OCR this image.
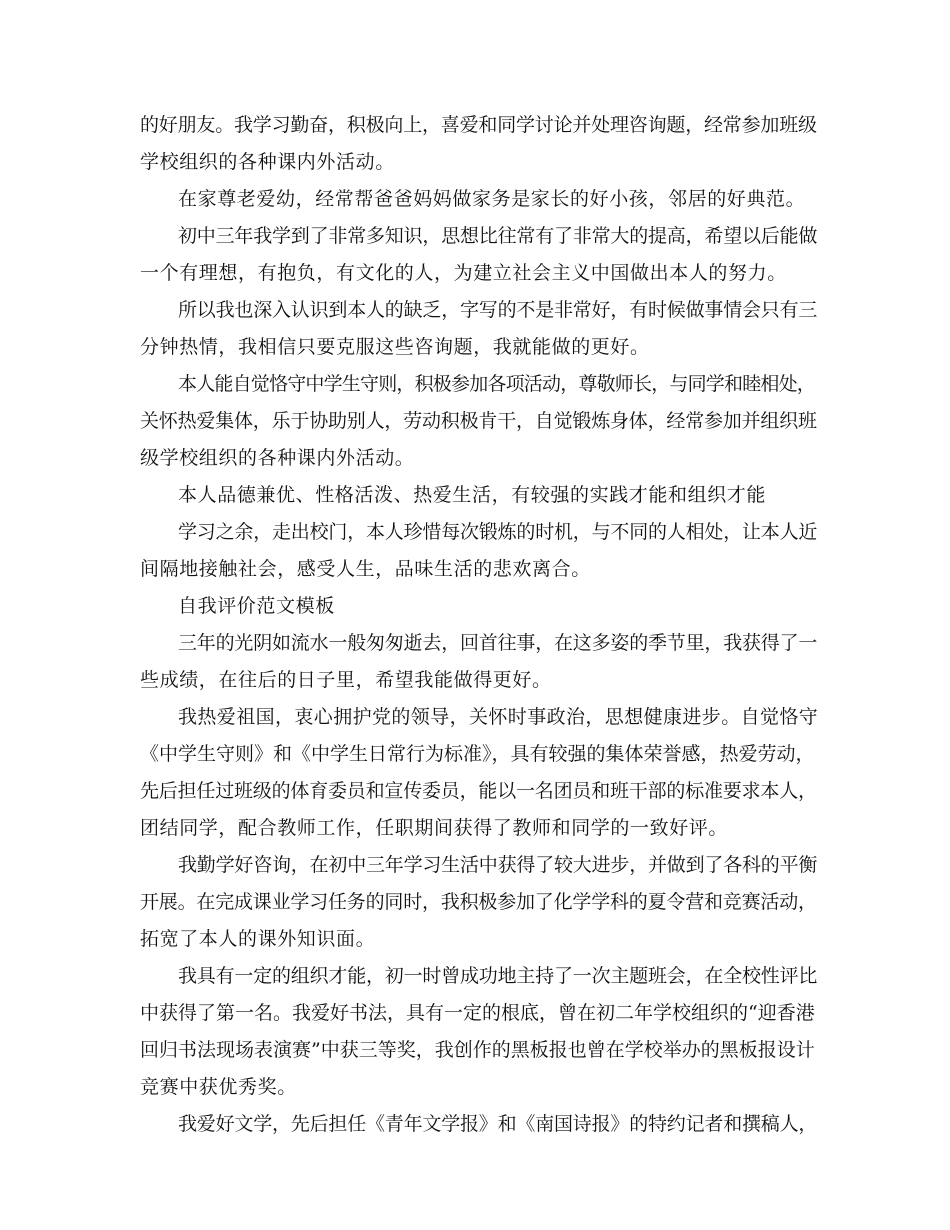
的好朋友。我学习勤奋，积极向上，喜爱和同学讨论并处理咨询题，经常参加班级
学校组织的各种课内外活动。
在家尊老爱幼，经常帮爸爸妈妈做家务是家长的好小孩，邻居的好典范。
初中三年我学到了非常多知识，思想比往常有了非常大的提高，希望以后能做
一个有理想，有抱负，有文化的人，为建立社会主义中国做出本人的努力。
所以我也深入认识到本人的缺乏，字写的不是非常好，有时候做事情会只有三
分钟热情，我相信只要克服这些咨询题，我就能做的更好。
本人能自觉恪守中学生守则，积极参加各项活动，尊敬师长，与同学和睦相处，
关怀热爱集体，乐于协助别人，劳动积极肯干，自觉锻炼身体，经常参加并组织班
级学校组织的各种课内外活动。
本人品德兼优、性格活泼、热爱生活，有较强的实践才能和组织才能
学习之余，走出校门，本人珍惜每次锻炼的时机，与不同的人相处，让本人近
间隔地接触社会，感受人生，品味生活的悲欢离合。
自我评价范文模板
三年的光阴如流水一般匆匆逝去，回首往事，在这多姿的季节里，我获得了一
些成绩，在往后的日子里，希望我能做得更好。
我热爱祖国，衷心拥护党的领导，关怀时事政治，思想健康进步。自觉恪守
《中学生守则》和《中学生日常行为标准》，具有较强的集体荣誉感，热爱劳动，
先后担任过班级的体育委员和宣传委员，能以一名团员和班干部的标准要求本人，
团结同学，配合教师工作，任职期间获得了教师和同学的一致好评。
我勤学好咨询，在初中三年学习生活中获得了较大进步，并做到了各科的平衡
开展。在完成课业学习任务的同时，我积极参加了化学学科的夏令营和竞赛活动，
拓宽了本人的课外知识面。
我具有一定的组织才能，初一时曾成功地主持了一次主题班会，在全校性评比
中获得了第一名。我爱好书法，具有一定的根底，曾在初二年学校组织的“迎香港
回归书法现场表演赛”中获三等奖，我创作的黑板报也曾在学校举办的黑板报设计
竞赛中获优秀奖。
我爱好文学，先后担任《青年文学报》和《南国诗报》的特约记者和撰稿人，
